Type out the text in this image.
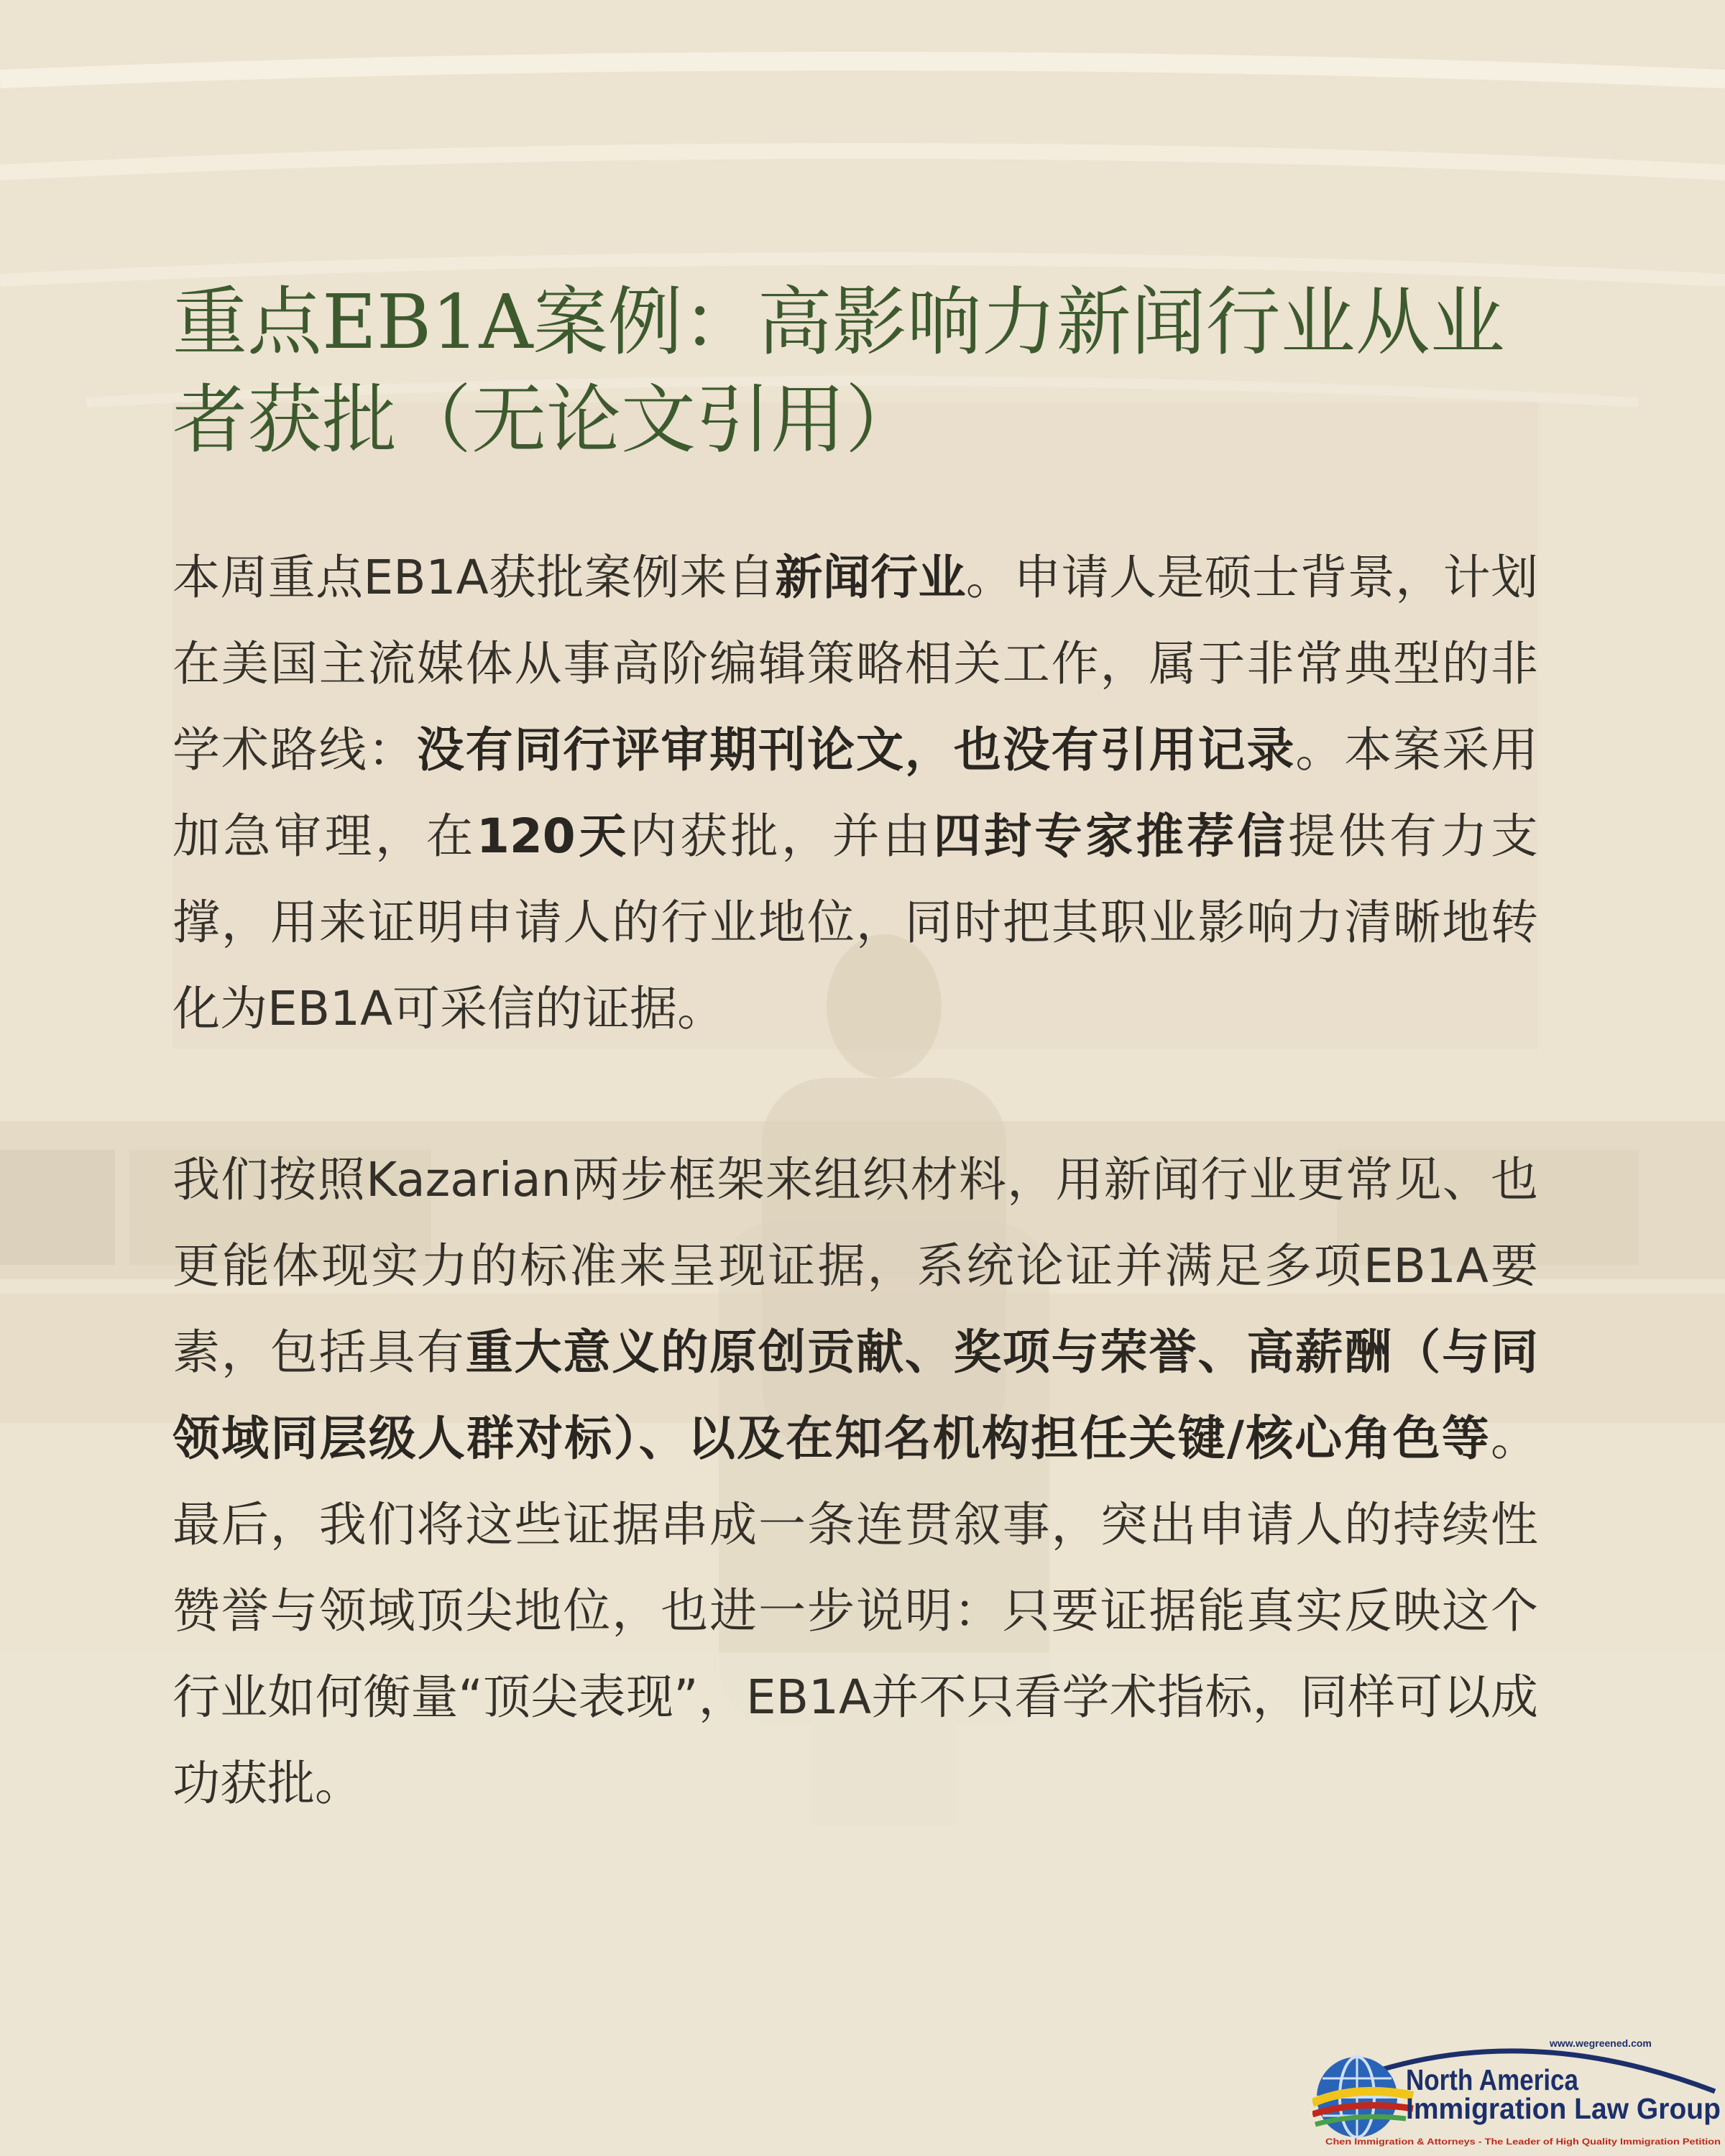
重点EB1A案例：高影响力新闻行业从业者获批（无论文引用）

本周重点EB1A获批案例来自新闻行业。申请人是硕士背景，计划在美国主流媒体从事高阶编辑策略相关工作，属于非常典型的非学术路线：没有同行评审期刊论文，也没有引用记录。本案采用加急审理，在120天内获批，并由四封专家推荐信提供有力支撑，用来证明申请人的行业地位，同时把其职业影响力清晰地转化为EB1A可采信的证据。

我们按照Kazarian两步框架来组织材料，用新闻行业更常见、也更能体现实力的标准来呈现证据，系统论证并满足多项EB1A要素，包括具有重大意义的原创贡献、奖项与荣誉、高薪酬（与同领域同层级人群对标）、以及在知名机构担任关键/核心角色等。最后，我们将这些证据串成一条连贯叙事，突出申请人的持续性赞誉与领域顶尖地位，也进一步说明：只要证据能真实反映这个行业如何衡量“顶尖表现”，EB1A并不只看学术指标，同样可以成功获批。

www.wegreened.com
North America
Immigration Law Group
Chen Immigration & Attorneys - The Leader of High Quality Immigration Petition
